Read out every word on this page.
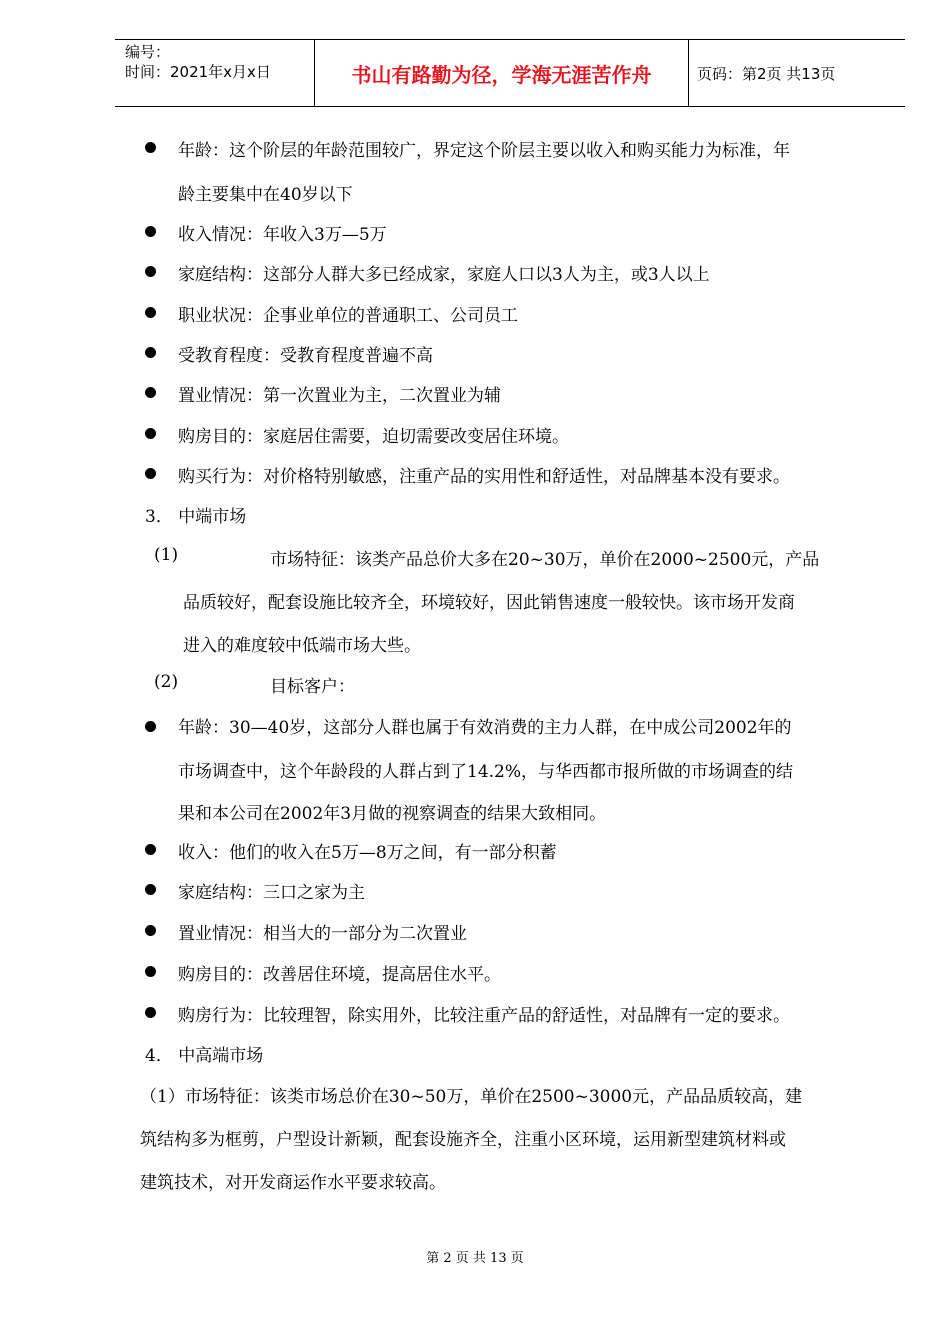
编号：
时间：2021年x月x日	书山有路勤为径，学海无涯苦作舟	页码：第2页 共13页
年龄：这个阶层的年龄范围较广，界定这个阶层主要以收入和购买能力为标准，年
龄主要集中在40岁以下
收入情况：年收入3万—5万
家庭结构：这部分人群大多已经成家，家庭人口以3人为主，或3人以上
职业状况：企事业单位的普通职工、公司员工
受教育程度：受教育程度普遍不高
置业情况：第一次置业为主，二次置业为辅
购房目的：家庭居住需要，迫切需要改变居住环境。
购买行为：对价格特别敏感，注重产品的实用性和舒适性，对品牌基本没有要求。
3． 中端市场
(1)	市场特征：该类产品总价大多在20~30万，单价在2000~2500元，产品
品质较好，配套设施比较齐全，环境较好，因此销售速度一般较快。该市场开发商
进入的难度较中低端市场大些。
(2)	目标客户：
年龄：30—40岁，这部分人群也属于有效消费的主力人群，在中成公司2002年的
市场调查中，这个年龄段的人群占到了14.2%，与华西都市报所做的市场调查的结
果和本公司在2002年3月做的视察调查的结果大致相同。
收入：他们的收入在5万—8万之间，有一部分积蓄
家庭结构：三口之家为主
置业情况：相当大的一部分为二次置业
购房目的：改善居住环境，提高居住水平。
购房行为：比较理智，除实用外，比较注重产品的舒适性，对品牌有一定的要求。
4． 中高端市场
（1）市场特征：该类市场总价在30~50万，单价在2500~3000元，产品品质较高，建
筑结构多为框剪，户型设计新颖，配套设施齐全，注重小区环境，运用新型建筑材料或
建筑技术，对开发商运作水平要求较高。
第 2 页 共 13 页
